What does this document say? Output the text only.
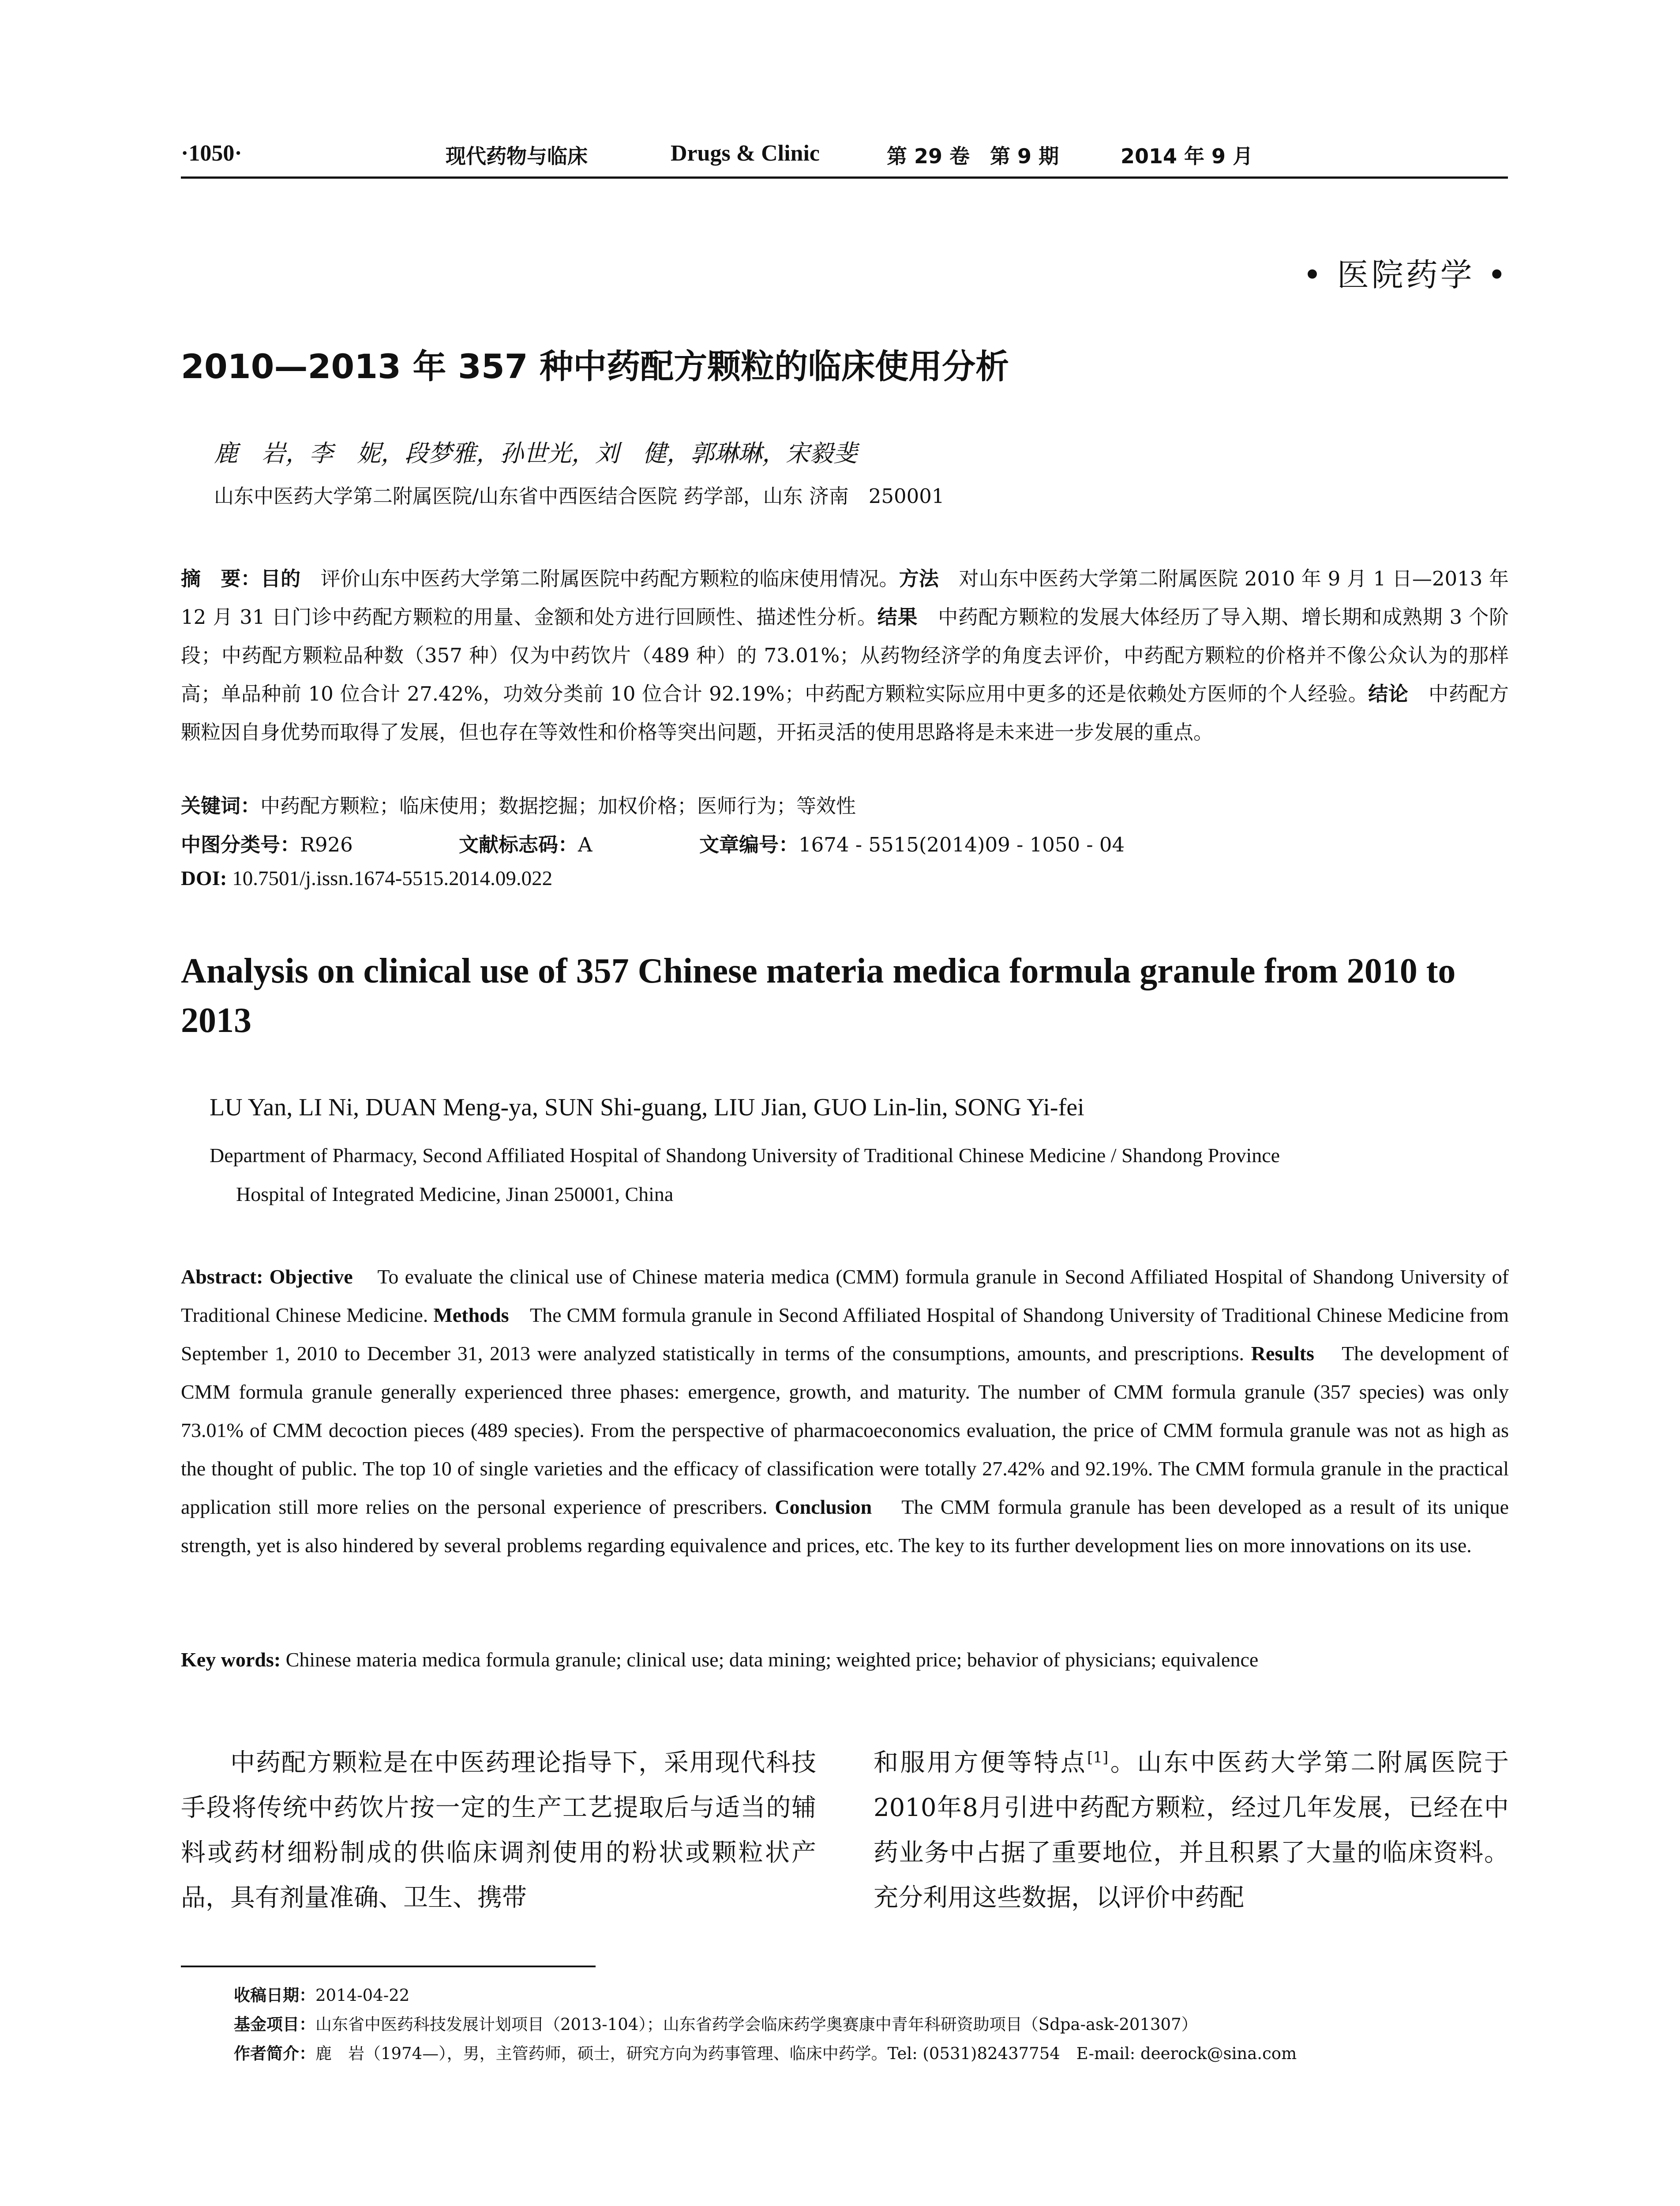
·1050·	现代药物与临床	Drugs & Clinic	第 29 卷　第 9 期	2014 年 9 月
• 医院药学 •
2010—2013 年 357 种中药配方颗粒的临床使用分析
鹿　岩，李　妮，段梦雅，孙世光，刘　健，郭琳琳，宋毅斐
山东中医药大学第二附属医院/山东省中西医结合医院 药学部，山东 济南　250001
摘　要：目的　 评价山东中医药大学第二附属医院中药配方颗粒的临床使用情况。方法　 对山东中医药大学第二附属医院 2010 年 9 月 1 日—2013 年 12 月 31 日门诊中药配方颗粒的用量、金额和处方进行回顾性、描述性分析。结果　 中药配方颗粒的发展大体经历了导入期、增长期和成熟期 3 个阶段；中药配方颗粒品种数（357 种）仅为中药饮片（489 种）的 73.01%；从药物经济学的角度去评价，中药配方颗粒的价格并不像公众认为的那样高；单品种前 10 位合计 27.42%，功效分类前 10 位合计 92.19%；中药配方颗粒实际应用中更多的还是依赖处方医师的个人经验。结论　 中药配方颗粒因自身优势而取得了发展，但也存在等效性和价格等突出问题，开拓灵活的使用思路将是未来进一步发展的重点。
关键词：中药配方颗粒；临床使用；数据挖掘；加权价格；医师行为；等效性
中图分类号：R926	文献标志码：A	文章编号：1674 - 5515(2014)09 - 1050 - 04
DOI: 10.7501/j.issn.1674-5515.2014.09.022
Analysis on clinical use of 357 Chinese materia medica formula granule from 2010 to 2013
LU Yan, LI Ni, DUAN Meng-ya, SUN Shi-guang, LIU Jian, GUO Lin-lin, SONG Yi-fei
Department of Pharmacy, Second Affiliated Hospital of Shandong University of Traditional Chinese Medicine / Shandong Province
Hospital of Integrated Medicine, Jinan 250001, China
Abstract: Objective To evaluate the clinical use of Chinese materia medica (CMM) formula granule in Second Affiliated Hospital of Shandong University of Traditional Chinese Medicine. Methods The CMM formula granule in Second Affiliated Hospital of Shandong University of Traditional Chinese Medicine from September 1, 2010 to December 31, 2013 were analyzed statistically in terms of the consumptions, amounts, and prescriptions. Results The development of CMM formula granule generally experienced three phases: emergence, growth, and maturity. The number of CMM formula granule (357 species) was only 73.01% of CMM decoction pieces (489 species). From the perspective of pharmacoeconomics evaluation, the price of CMM formula granule was not as high as the thought of public. The top 10 of single varieties and the efficacy of classification were totally 27.42% and 92.19%. The CMM formula granule in the practical application still more relies on the personal experience of prescribers. Conclusion The CMM formula granule has been developed as a result of its unique strength, yet is also hindered by several problems regarding equivalence and prices, etc. The key to its further development lies on more innovations on its use.
Key words: Chinese materia medica formula granule; clinical use; data mining; weighted price; behavior of physicians; equivalence
中药配方颗粒是在中医药理论指导下，采用现代科技手段将传统中药饮片按一定的生产工艺提取后与适当的辅料或药材细粉制成的供临床调剂使用的粉状或颗粒状产品，具有剂量准确、卫生、携带
和服用方便等特点[1]。山东中医药大学第二附属医院于2010年8月引进中药配方颗粒，经过几年发展，已经在中药业务中占据了重要地位，并且积累了大量的临床资料。充分利用这些数据，以评价中药配
收稿日期：2014-04-22
基金项目：山东省中医药科技发展计划项目（2013-104）；山东省药学会临床药学奥赛康中青年科研资助项目（Sdpa-ask-201307）
作者简介：鹿　岩（1974—），男，主管药师，硕士，研究方向为药事管理、临床中药学。Tel: (0531)82437754　E-mail: deerock@sina.com
